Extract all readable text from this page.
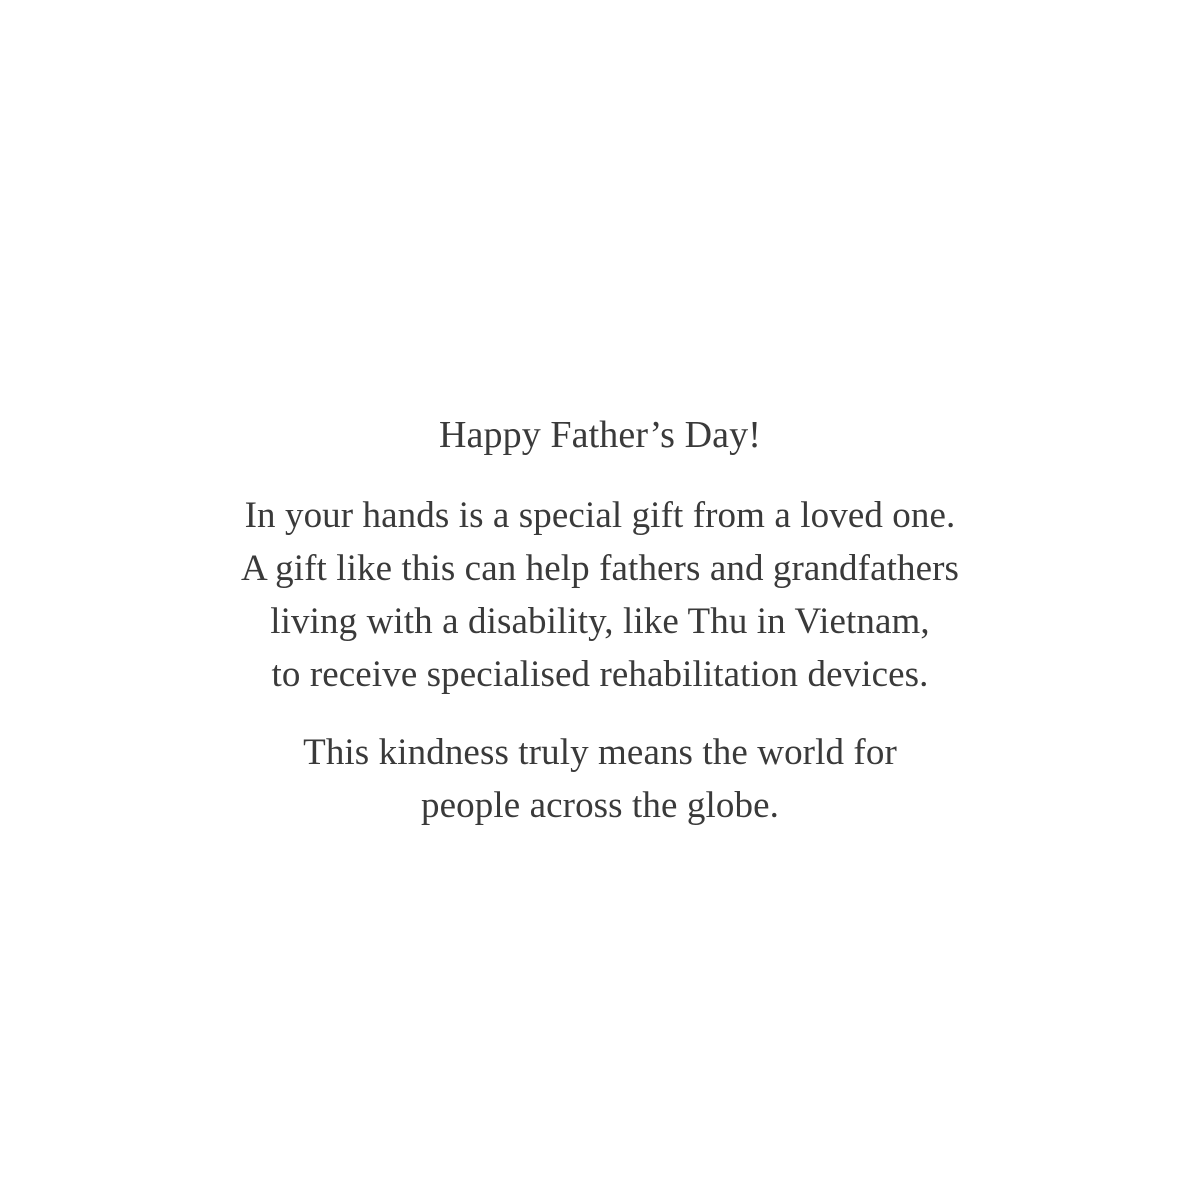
Happy Father’s Day!
In your hands is a special gift from a loved one.
A gift like this can help fathers and grandfathers
living with a disability, like Thu in Vietnam,
to receive specialised rehabilitation devices.
This kindness truly means the world for
people across the globe.
